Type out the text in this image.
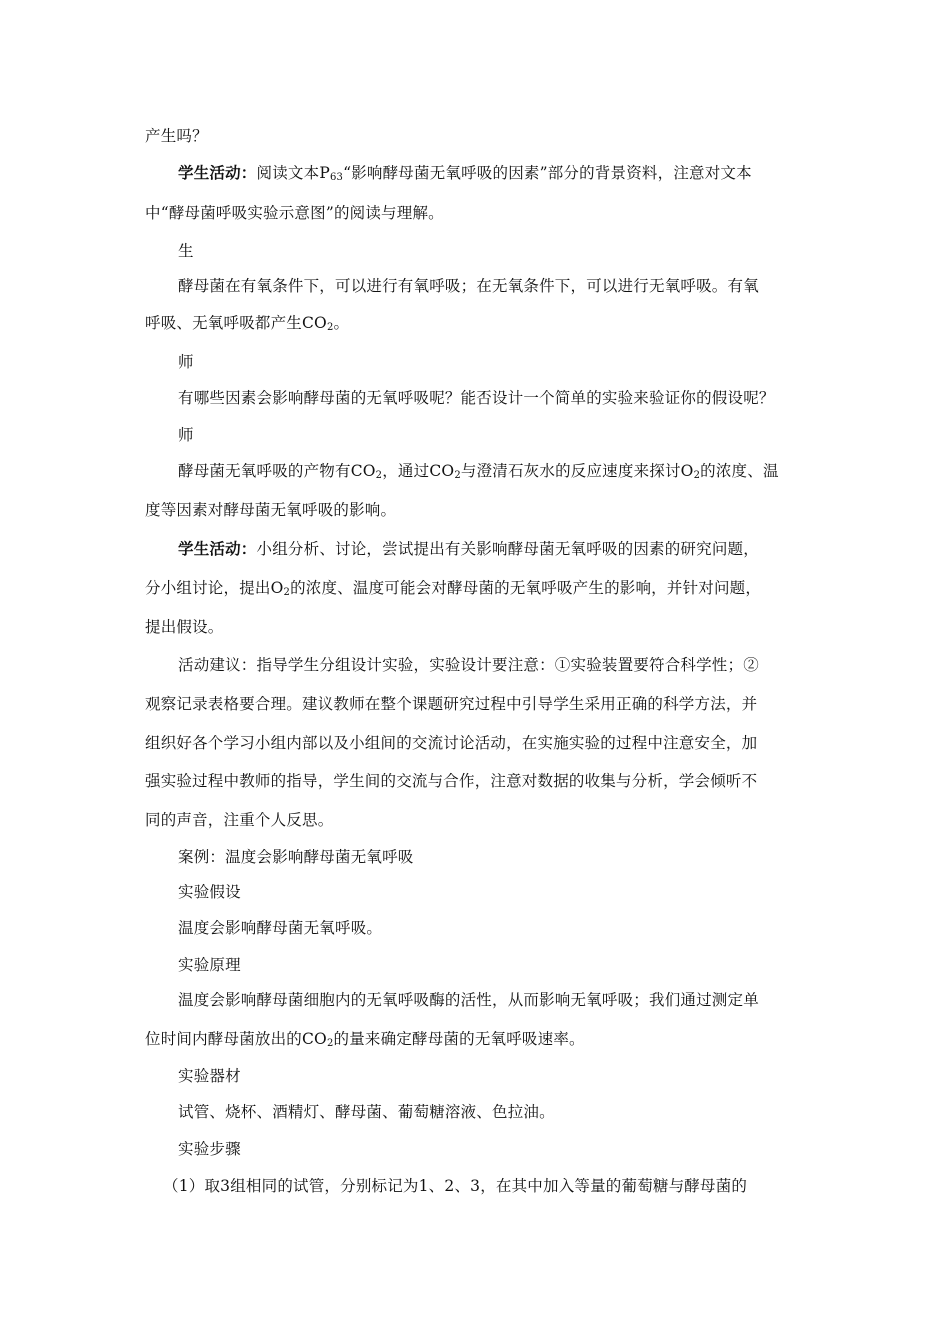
产生吗？
学生活动：阅读文本$P_{63}“$影响酵母菌无氧呼吸的因素”部分的背景资料，注意对文本
中“酵母菌呼吸实验示意图”的阅读与理解。
生
酵母菌在有氧条件下，可以进行有氧呼吸；在无氧条件下，可以进行无氧呼吸。有氧
呼吸、无氧呼吸都产生$CO_2$。
师
有哪些因素会影响酵母菌的无氧呼吸呢？能否设计一个简单的实验来验证你的假设呢？
师
酵母菌无氧呼吸的产物有$CO_2$，通过$CO_2$与澄清石灰水的反应速度来探讨$O_2$的浓度、温
度等因素对酵母菌无氧呼吸的影响。
学生活动：小组分析、讨论，尝试提出有关影响酵母菌无氧呼吸的因素的研究问题，
分小组讨论，提出$O_2$的浓度、温度可能会对酵母菌的无氧呼吸产生的影响，并针对问题，
提出假设。
活动建议：指导学生分组设计实验，实验设计要注意：①实验装置要符合科学性；②
观察记录表格要合理。建议教师在整个课题研究过程中引导学生采用正确的科学方法，并
组织好各个学习小组内部以及小组间的交流讨论活动，在实施实验的过程中注意安全，加
强实验过程中教师的指导，学生间的交流与合作，注意对数据的收集与分析，学会倾听不
同的声音，注重个人反思。
案例：温度会影响酵母菌无氧呼吸
实验假设
温度会影响酵母菌无氧呼吸。
实验原理
温度会影响酵母菌细胞内的无氧呼吸酶的活性，从而影响无氧呼吸；我们通过测定单
位时间内酵母菌放出的$CO_2$的量来确定酵母菌的无氧呼吸速率。
实验器材
试管、烧杯、酒精灯、酵母菌、葡萄糖溶液、色拉油。
实验步骤
（1）取3组相同的试管，分别标记为1、2、3，在其中加入等量的葡萄糖与酵母菌的
